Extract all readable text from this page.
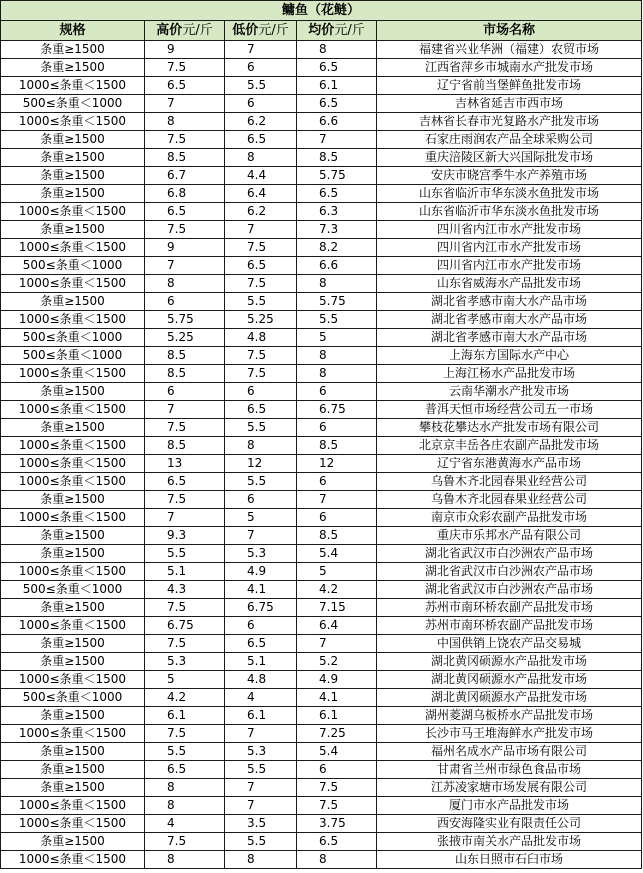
鳙鱼（花鲢）				
规格	高价元/斤	低价元/斤	均价元/斤	市场名称
条重≥1500	9	7	8	福建省兴业华洲（福建）农贸市场
条重≥1500	7.5	6	6.5	江西省萍乡市城南水产批发市场
1000≤条重＜1500	6.5	5.5	6.1	辽宁省前当堡鲜鱼批发市场
500≤条重＜1000	7	6	6.5	吉林省延吉市西市场
1000≤条重＜1500	8	6.2	6.6	吉林省长春市光复路水产批发市场
条重≥1500	7.5	6.5	7	石家庄雨润农产品全球采购公司
条重≥1500	8.5	8	8.5	重庆涪陵区新大兴国际批发市场
条重≥1500	6.7	4.4	5.75	安庆市晓宫季牛水产养殖市场
条重≥1500	6.8	6.4	6.5	山东省临沂市华东淡水鱼批发市场
1000≤条重＜1500	6.5	6.2	6.3	山东省临沂市华东淡水鱼批发市场
条重≥1500	7.5	7	7.3	四川省内江市水产批发市场
1000≤条重＜1500	9	7.5	8.2	四川省内江市水产批发市场
500≤条重＜1000	7	6.5	6.6	四川省内江市水产批发市场
1000≤条重＜1500	8	7.5	8	山东省威海水产品批发市场
条重≥1500	6	5.5	5.75	湖北省孝感市南大水产品市场
1000≤条重＜1500	5.75	5.25	5.5	湖北省孝感市南大水产品市场
500≤条重＜1000	5.25	4.8	5	湖北省孝感市南大水产品市场
500≤条重＜1000	8.5	7.5	8	上海东方国际水产中心
1000≤条重＜1500	8.5	7.5	8	上海江杨水产品批发市场
条重≥1500	6	6	6	云南华潮水产批发市场
1000≤条重＜1500	7	6.5	6.75	普洱天恒市场经营公司五一市场
条重≥1500	7.5	5.5	6	攀枝花攀达水产批发市场有限公司
1000≤条重＜1500	8.5	8	8.5	北京京丰岳各庄农副产品批发市场
1000≤条重＜1500	13	12	12	辽宁省东港黄海水产品市场
1000≤条重＜1500	6.5	5.5	6	乌鲁木齐北园春果业经营公司
条重≥1500	7.5	6	7	乌鲁木齐北园春果业经营公司
1000≤条重＜1500	7	5	6	南京市众彩农副产品批发市场
条重≥1500	9.3	7	8.5	重庆市乐邦水产品有限公司
条重≥1500	5.5	5.3	5.4	湖北省武汉市白沙洲农产品市场
1000≤条重＜1500	5.1	4.9	5	湖北省武汉市白沙洲农产品市场
500≤条重＜1000	4.3	4.1	4.2	湖北省武汉市白沙洲农产品市场
条重≥1500	7.5	6.75	7.15	苏州市南环桥农副产品批发市场
1000≤条重＜1500	6.75	6	6.4	苏州市南环桥农副产品批发市场
条重≥1500	7.5	6.5	7	中国供销上饶农产品交易城
条重≥1500	5.3	5.1	5.2	湖北黄冈硕源水产品批发市场
1000≤条重＜1500	5	4.8	4.9	湖北黄冈硕源水产品批发市场
500≤条重＜1000	4.2	4	4.1	湖北黄冈硕源水产品批发市场
条重≥1500	6.1	6.1	6.1	湖州菱湖乌板桥水产品批发市场
1000≤条重＜1500	7.5	7	7.25	长沙市马王堆海鲜水产批发市场
条重≥1500	5.5	5.3	5.4	福州名成水产品市场有限公司
条重≥1500	6.5	5.5	6	甘肃省兰州市绿色食品市场
条重≥1500	8	7	7.5	江苏凌家塘市场发展有限公司
1000≤条重＜1500	8	7	7.5	厦门市水产品批发市场
1000≤条重＜1500	4	3.5	3.75	西安海隆实业有限责任公司
条重≥1500	7.5	5.5	6.5	张掖市南关水产品批发市场
1000≤条重＜1500	8	8	8	山东日照市石臼市场
